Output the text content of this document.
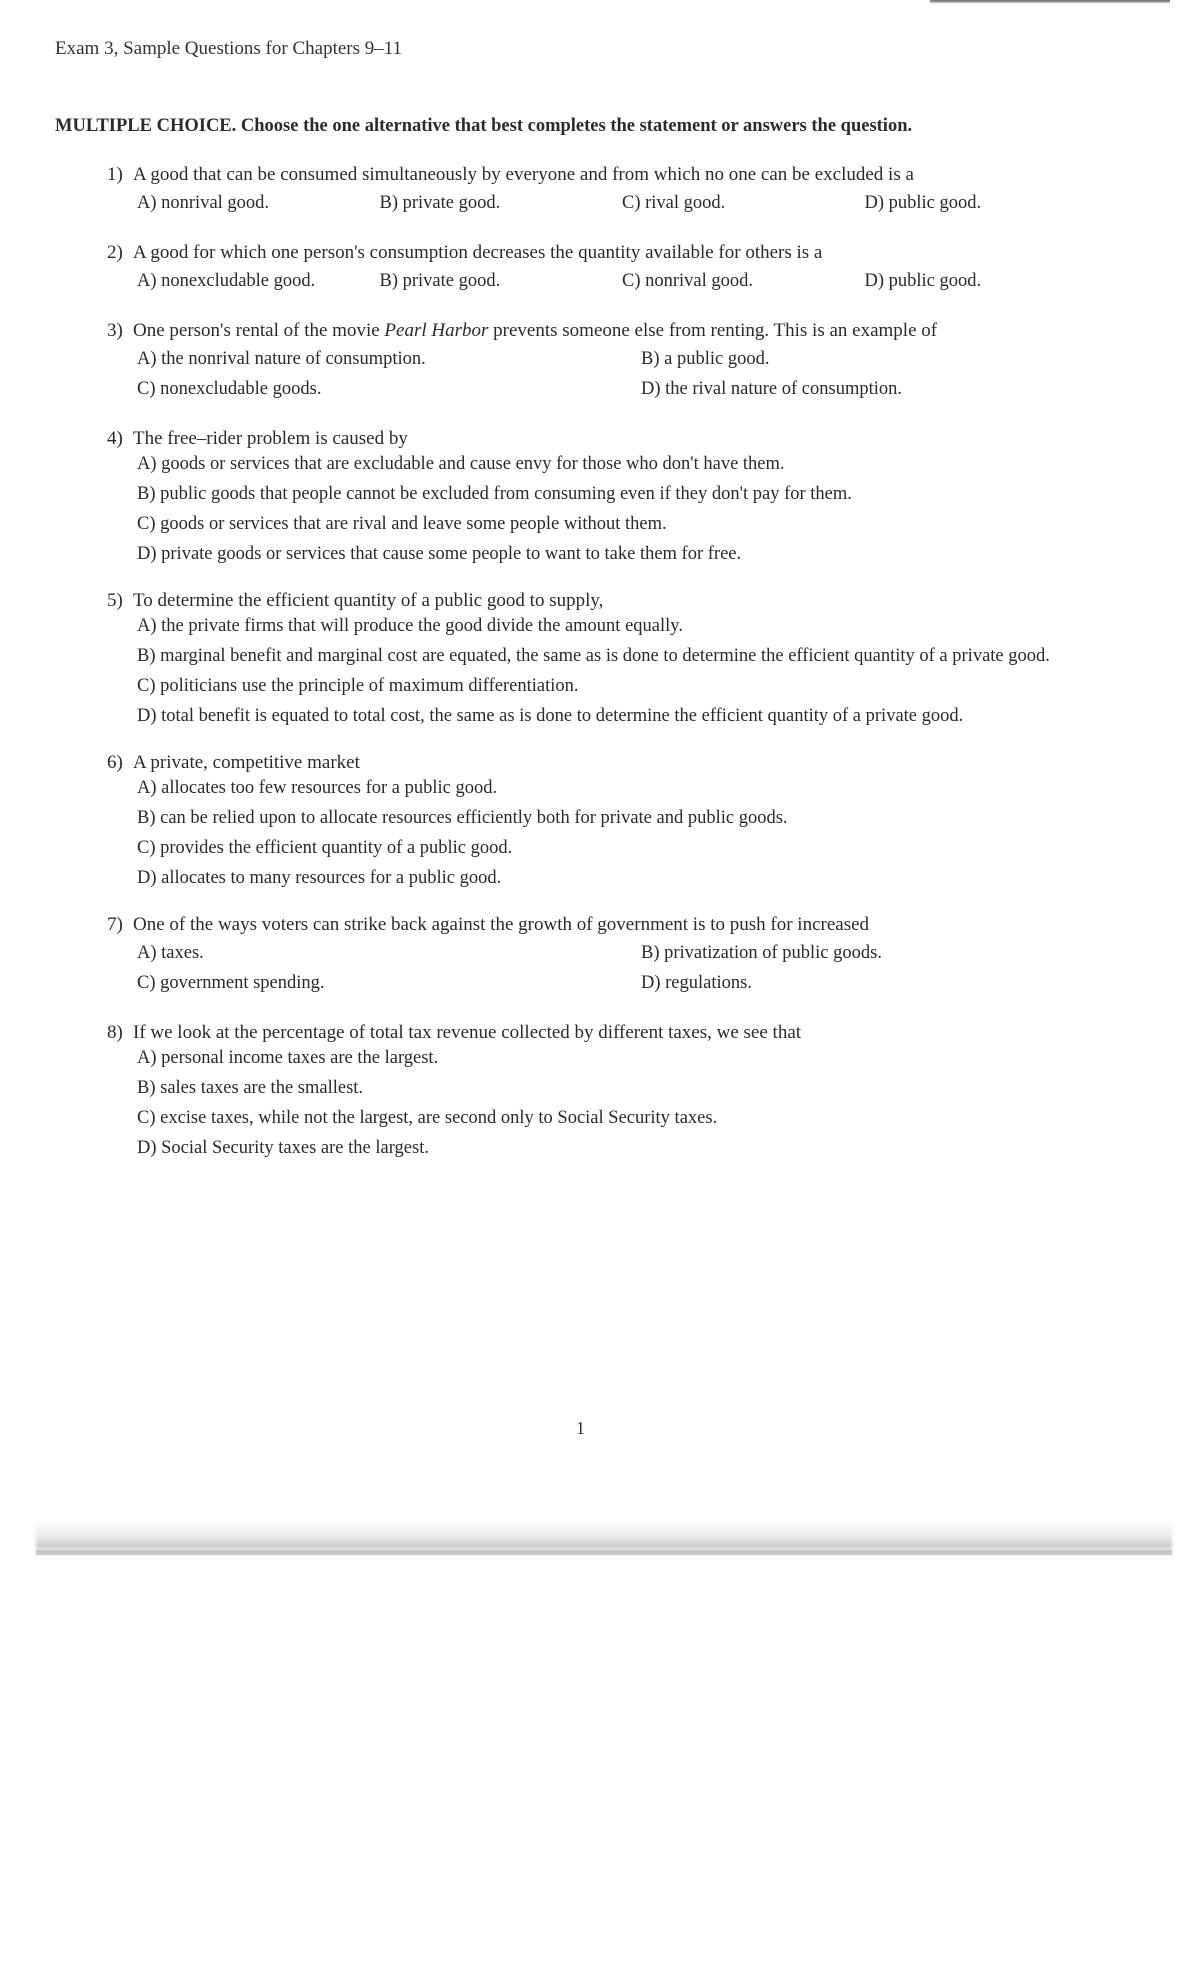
Exam 3, Sample Questions for Chapters 9–11
MULTIPLE CHOICE. Choose the one alternative that best completes the statement or answers the question.
1) A good that can be consumed simultaneously by everyone and from which no one can be excluded is a
A) nonrival good.	B) private good.	C) rival good.	D) public good.
2) A good for which one person's consumption decreases the quantity available for others is a
A) nonexcludable good.	B) private good.	C) nonrival good.	D) public good.
3) One person's rental of the movie Pearl Harbor prevents someone else from renting. This is an example of
A) the nonrival nature of consumption.	B) a public good.
C) nonexcludable goods.	D) the rival nature of consumption.
4) The free–rider problem is caused by
A) goods or services that are excludable and cause envy for those who don't have them.
B) public goods that people cannot be excluded from consuming even if they don't pay for them.
C) goods or services that are rival and leave some people without them.
D) private goods or services that cause some people to want to take them for free.
5) To determine the efficient quantity of a public good to supply,
A) the private firms that will produce the good divide the amount equally.
B) marginal benefit and marginal cost are equated, the same as is done to determine the efficient quantity of a private good.
C) politicians use the principle of maximum differentiation.
D) total benefit is equated to total cost, the same as is done to determine the efficient quantity of a private good.
6) A private, competitive market
A) allocates too few resources for a public good.
B) can be relied upon to allocate resources efficiently both for private and public goods.
C) provides the efficient quantity of a public good.
D) allocates to many resources for a public good.
7) One of the ways voters can strike back against the growth of government is to push for increased
A) taxes.	B) privatization of public goods.
C) government spending.	D) regulations.
8) If we look at the percentage of total tax revenue collected by different taxes, we see that
A) personal income taxes are the largest.
B) sales taxes are the smallest.
C) excise taxes, while not the largest, are second only to Social Security taxes.
D) Social Security taxes are the largest.
1
